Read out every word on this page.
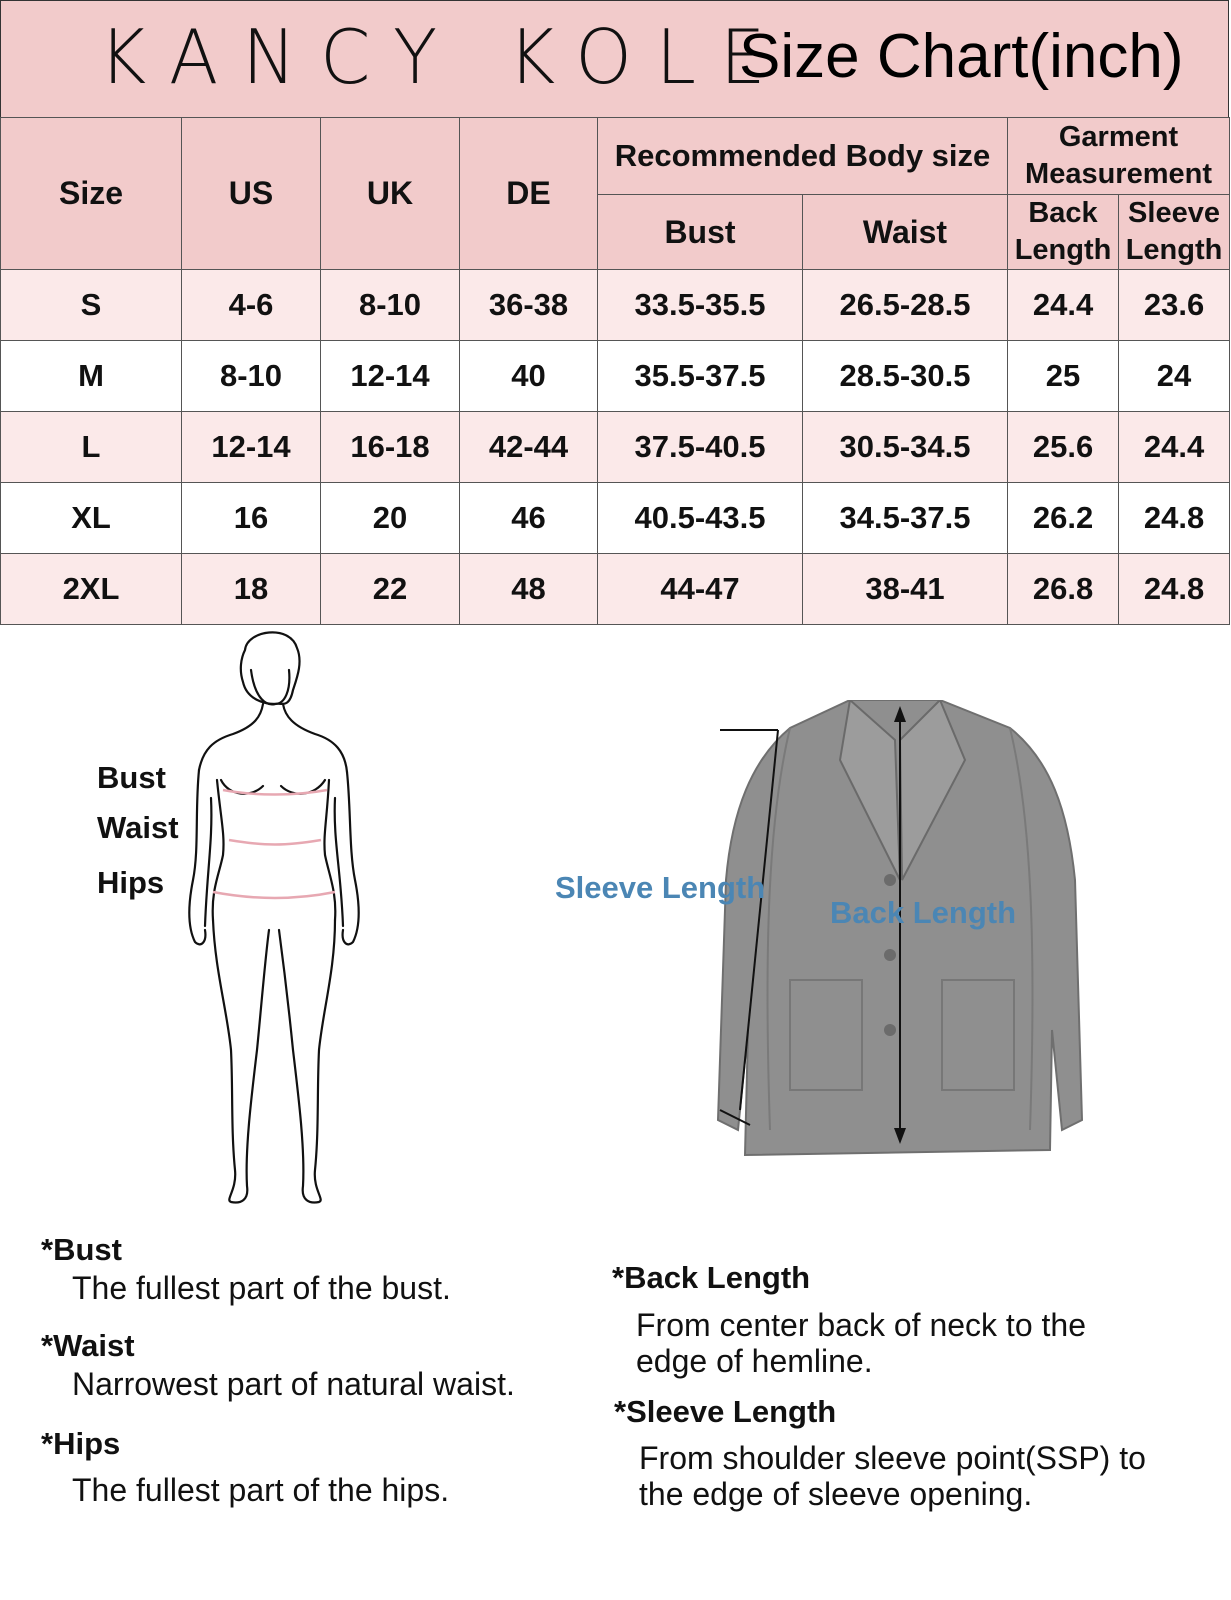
KANCY KOLE
Size Chart(inch)
Size	US	UK	DE	Recommended Body size		Garment Measurement	
				Bust	Waist	Back Length	Sleeve Length
S	4-6	8-10	36-38	33.5-35.5	26.5-28.5	24.4	23.6
M	8-10	12-14	40	35.5-37.5	28.5-30.5	25	24
L	12-14	16-18	42-44	37.5-40.5	30.5-34.5	25.6	24.4
XL	16	20	46	40.5-43.5	34.5-37.5	26.2	24.8
2XL	18	22	48	44-47	38-41	26.8	24.8
Bust
Waist
Hips	Sleeve Length
Back Length
*Bust
The fullest part of the bust.
*Waist
Narrowest part of natural waist.
*Hips
The fullest part of the hips.
*Back Length
From center back of neck to the
edge of hemline.
*Sleeve Length
From shoulder sleeve point(SSP) to
the edge of sleeve opening.
